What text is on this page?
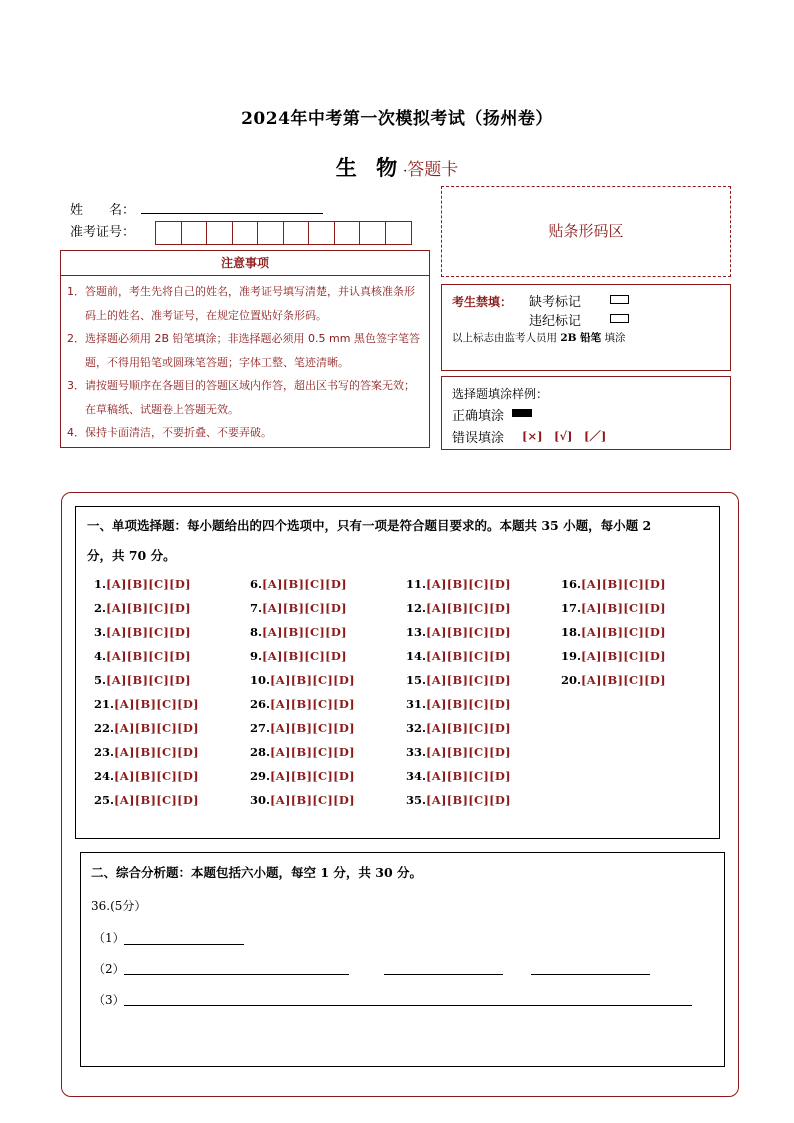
2024年中考第一次模拟考试（扬州卷）
生 物·答题卡
姓　　名：
准考证号：
注意事项
1．答题前，考生先将自己的姓名，准考证号填写清楚，并认真核准条形码上的姓名、准考证号，在规定位置贴好条形码。
2．选择题必须用 2B 铅笔填涂；非选择题必须用 0.5 mm 黑色签字笔答题，不得用铅笔或圆珠笔答题；字体工整、笔迹清晰。
3．请按题号顺序在各题目的答题区域内作答，超出区书写的答案无效；在草稿纸、试题卷上答题无效。
4．保持卡面清洁，不要折叠、不要弄破。
贴条形码区
考生禁填： 缺考标记
违纪标记
以上标志由监考人员用 2B 铅笔 填涂
选择题填涂样例：
正确填涂
错误填涂 [×]　[√]　[／]
一、单项选择题：每小题给出的四个选项中，只有一项是符合题目要求的。本题共 35 小题，每小题 2
分，共 70 分。
1.[A][B][C][D]
2.[A][B][C][D]
3.[A][B][C][D]
4.[A][B][C][D]
5.[A][B][C][D]
21.[A][B][C][D]
22.[A][B][C][D]
23.[A][B][C][D]
24.[A][B][C][D]
25.[A][B][C][D]
6.[A][B][C][D]
7.[A][B][C][D]
8.[A][B][C][D]
9.[A][B][C][D]
10.[A][B][C][D]
26.[A][B][C][D]
27.[A][B][C][D]
28.[A][B][C][D]
29.[A][B][C][D]
30.[A][B][C][D]
11.[A][B][C][D]
12.[A][B][C][D]
13.[A][B][C][D]
14.[A][B][C][D]
15.[A][B][C][D]
31.[A][B][C][D]
32.[A][B][C][D]
33.[A][B][C][D]
34.[A][B][C][D]
35.[A][B][C][D]
16.[A][B][C][D]
17.[A][B][C][D]
18.[A][B][C][D]
19.[A][B][C][D]
20.[A][B][C][D]
二、综合分析题：本题包括六小题，每空 1 分，共 30 分。
36.(5分）
（1）
（2）
（3）
